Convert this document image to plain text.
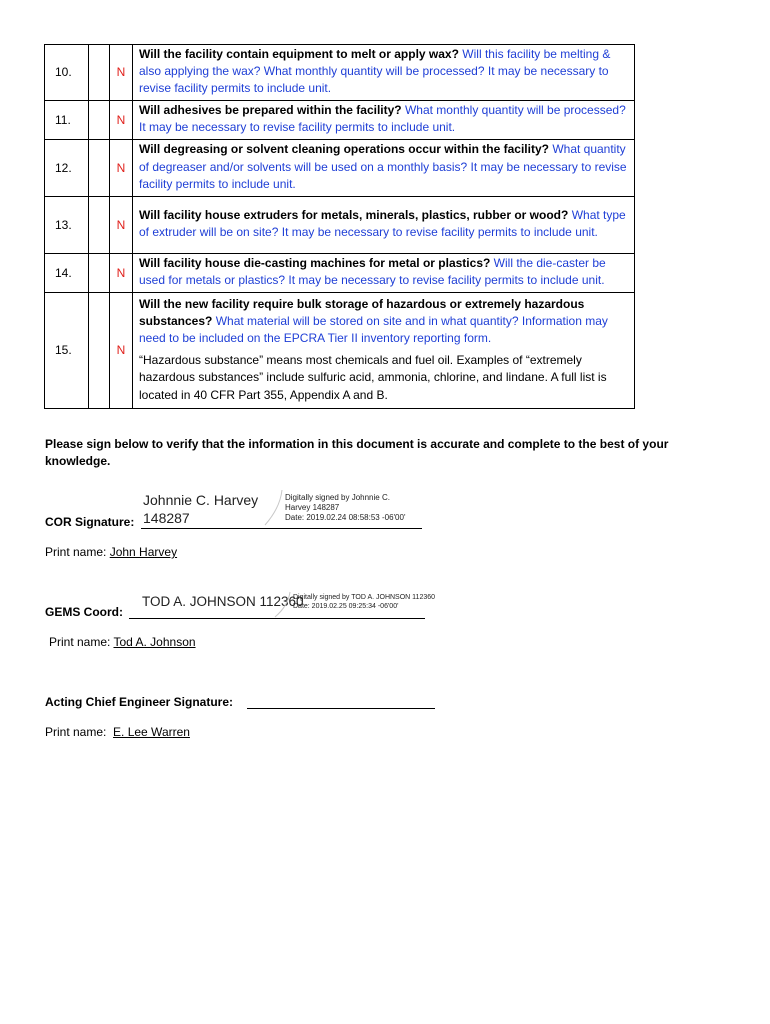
10.		N	Will the facility contain equipment to melt or apply wax? Will this facility be melting & also applying the wax? What monthly quantity will be processed? It may be necessary to revise facility permits to include unit.

11.		N	Will adhesives be prepared within the facility? What monthly quantity will be processed? It may be necessary to revise facility permits to include unit.

12.		N	Will degreasing or solvent cleaning operations occur within the facility? What quantity of degreaser and/or solvents will be used on a monthly basis? It may be necessary to revise facility permits to include unit.

13.		N	Will facility house extruders for metals, minerals, plastics, rubber or wood? What type of extruder will be on site? It may be necessary to revise facility permits to include unit.

14.		N	Will facility house die-casting machines for metal or plastics? Will the die-caster be used for metals or plastics? It may be necessary to revise facility permits to include unit.

15.		N	Will the new facility require bulk storage of hazardous or extremely hazardous substances? What material will be stored on site and in what quantity? Information may need to be included on the EPCRA Tier II inventory reporting form.
“Hazardous substance” means most chemicals and fuel oil. Examples of “extremely hazardous substances” include sulfuric acid, ammonia, chlorine, and lindane. A full list is located in 40 CFR Part 355, Appendix A and B.
Please sign below to verify that the information in this document is accurate and complete to the best of your knowledge.
Johnnie C. Harvey
148287
Digitally signed by Johnnie C.
Harvey 148287
Date: 2019.02.24 08:58:53 -06'00'
COR Signature:
Print name: John Harvey
TOD A. JOHNSON 112360
Digitally signed by TOD A. JOHNSON 112360
Date: 2019.02.25 09:25:34 -06'00'
GEMS Coord:
Print name: Tod A. Johnson
Acting Chief Engineer Signature:
Print name: E. Lee Warren
